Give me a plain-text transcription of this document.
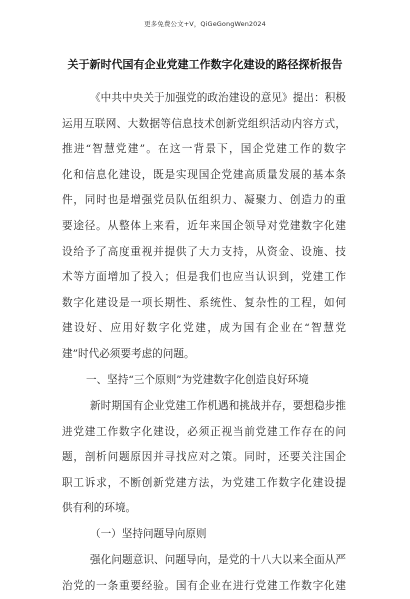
更多免费公文+V，QiGeGongWen2024
关于新时代国有企业党建工作数字化建设的路径探析报告
《中共中央关于加强党的政治建设的意见》提出：积极
运用互联网、大数据等信息技术创新党组织活动内容方式，
推进“智慧党建”。在这一背景下，国企党建工作的数字
化和信息化建设，既是实现国企党建高质量发展的基本条
件，同时也是增强党员队伍组织力、凝聚力、创造力的重
要途径。从整体上来看，近年来国企领导对党建数字化建
设给予了高度重视并提供了大力支持，从资金、设施、技
术等方面增加了投入；但是我们也应当认识到，党建工作
数字化建设是一项长期性、系统性、复杂性的工程，如何
建设好、应用好数字化党建，成为国有企业在“智慧党
建”时代必须要考虑的问题。
一、坚持“三个原则”为党建数字化创造良好环境
新时期国有企业党建工作机遇和挑战并存，要想稳步推
进党建工作数字化建设，必须正视当前党建工作存在的问
题，剖析问题原因并寻找应对之策。同时，还要关注国企
职工诉求，不断创新党建方法，为党建工作数字化建设提
供有利的环境。
（一）坚持问题导向原则
强化问题意识、问题导向，是党的十八大以来全面从严
治党的一条重要经验。国有企业在进行党建工作数字化建
